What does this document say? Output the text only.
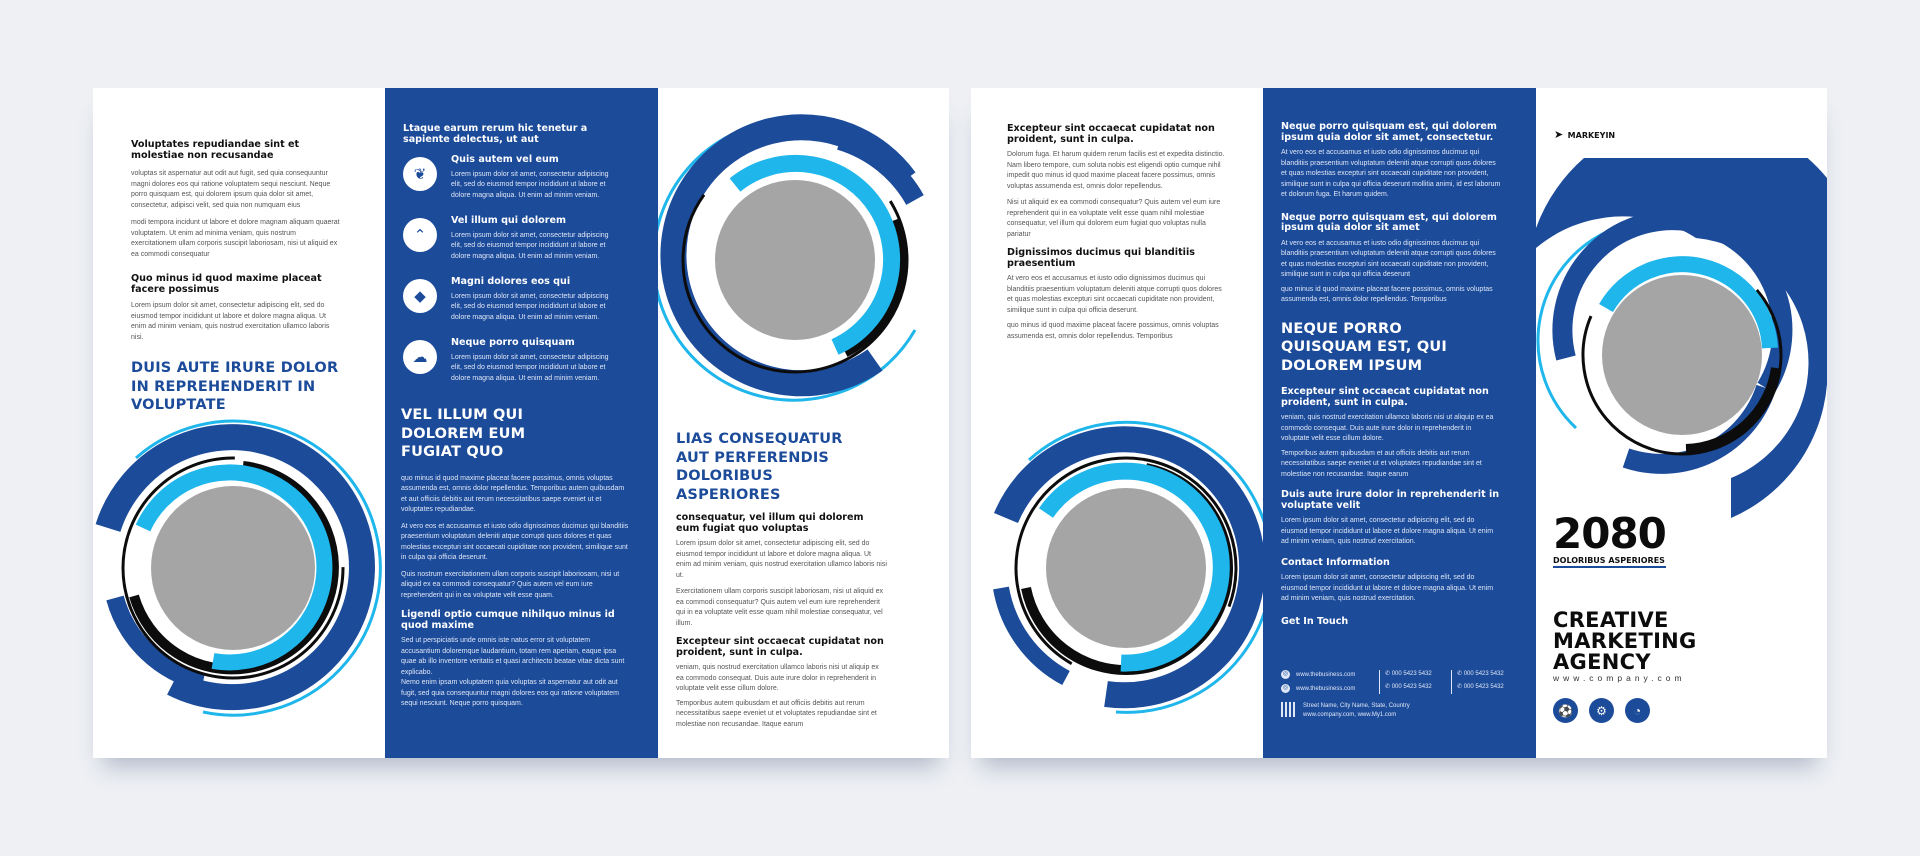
Voluptates repudiandae sint et molestiae non recusandae

voluptas sit aspernatur aut odit aut fugit, sed quia consequuntur magni dolores eos qui ratione voluptatem sequi nesciunt. Neque porro quisquam est, qui dolorem ipsum quia dolor sit amet, consectetur, adipisci velit, sed quia non numquam eius

modi tempora incidunt ut labore et dolore magnam aliquam quaerat voluptatem. Ut enim ad minima veniam, quis nostrum exercitationem ullam corporis suscipit laboriosam, nisi ut aliquid ex ea commodi consequatur

Quo minus id quod maxime placeat facere possimus

Lorem ipsum dolor sit amet, consectetur adipiscing elit, sed do eiusmod tempor incididunt ut labore et dolore magna aliqua. Ut enim ad minim veniam, quis nostrud exercitation ullamco laboris nisi.

DUIS AUTE IRURE DOLOR IN REPREHENDERIT IN VOLUPTATE

Ltaque earum rerum hic tenetur a sapiente delectus, ut aut

❦

Quis autem vel eum

Lorem ipsum dolor sit amet, consectetur adipiscing elit, sed do eiusmod tempor incididunt ut labore et dolore magna aliqua. Ut enim ad minim veniam.

⌃

Vel illum qui dolorem

Lorem ipsum dolor sit amet, consectetur adipiscing elit, sed do eiusmod tempor incididunt ut labore et dolore magna aliqua. Ut enim ad minim veniam.

◆

Magni dolores eos qui

Lorem ipsum dolor sit amet, consectetur adipiscing elit, sed do eiusmod tempor incididunt ut labore et dolore magna aliqua. Ut enim ad minim veniam.

☁

Neque porro quisquam

Lorem ipsum dolor sit amet, consectetur adipiscing elit, sed do eiusmod tempor incididunt ut labore et dolore magna aliqua. Ut enim ad minim veniam.

VEL ILLUM QUI DOLOREM EUM FUGIAT QUO

quo minus id quod maxime placeat facere possimus, omnis voluptas assumenda est, omnis dolor repellendus. Temporibus autem quibusdam et aut officiis debitis aut rerum necessitatibus saepe eveniet ut et voluptates repudiandae.

At vero eos et accusamus et iusto odio dignissimos ducimus qui blanditiis praesentium voluptatum deleniti atque corrupti quos dolores et quas molestias excepturi sint occaecati cupiditate non provident, similique sunt in culpa qui officia deserunt.

Quis nostrum exercitationem ullam corporis suscipit laboriosam, nisi ut aliquid ex ea commodi consequatur? Quis autem vel eum iure reprehenderit qui in ea voluptate velit esse quam.

Ligendi optio cumque nihilquo minus id quod maxime

Sed ut perspiciatis unde omnis iste natus error sit voluptatem accusantium doloremque laudantium, totam rem aperiam, eaque ipsa quae ab illo inventore veritatis et quasi architecto beatae vitae dicta sunt explicabo.

Nemo enim ipsam voluptatem quia voluptas sit aspernatur aut odit aut fugit, sed quia consequuntur magni dolores eos qui ratione voluptatem sequi nesciunt. Neque porro quisquam.

LIAS CONSEQUATUR AUT PERFERENDIS DOLORIBUS ASPERIORES

consequatur, vel illum qui dolorem eum fugiat quo voluptas

Lorem ipsum dolor sit amet, consectetur adipiscing elit, sed do eiusmod tempor incididunt ut labore et dolore magna aliqua. Ut enim ad minim veniam, quis nostrud exercitation ullamco laboris nisi ut.

Exercitationem ullam corporis suscipit laboriosam, nisi ut aliquid ex ea commodi consequatur? Quis autem vel eum iure reprehenderit qui in ea voluptate velit esse quam nihil molestiae consequatur, vel illum.

Excepteur sint occaecat cupidatat non proident, sunt in culpa.

veniam, quis nostrud exercitation ullamco laboris nisi ut aliquip ex ea commodo consequat. Duis aute irure dolor in reprehenderit in voluptate velit esse cillum dolore.

Temporibus autem quibusdam et aut officiis debitis aut rerum necessitatibus saepe eveniet ut et voluptates repudiandae sint et molestiae non recusandae. Itaque earum

Excepteur sint occaecat cupidatat non proident, sunt in culpa.

Dolorum fuga. Et harum quidem rerum facilis est et expedita distinctio. Nam libero tempore, cum soluta nobis est eligendi optio cumque nihil impedit quo minus id quod maxime placeat facere possimus, omnis voluptas assumenda est, omnis dolor repellendus.

Nisi ut aliquid ex ea commodi consequatur? Quis autem vel eum iure reprehenderit qui in ea voluptate velit esse quam nihil molestiae consequatur, vel illum qui dolorem eum fugiat quo voluptas nulla pariatur

Dignissimos ducimus qui blanditiis praesentium

At vero eos et accusamus et iusto odio dignissimos ducimus qui blanditiis praesentium voluptatum deleniti atque corrupti quos dolores et quas molestias excepturi sint occaecati cupiditate non provident, similique sunt in culpa qui officia deserunt.

quo minus id quod maxime placeat facere possimus, omnis voluptas assumenda est, omnis dolor repellendus. Temporibus

Neque porro quisquam est, qui dolorem ipsum quia dolor sit amet, consectetur.

At vero eos et accusamus et iusto odio dignissimos ducimus qui blanditiis praesentium voluptatum deleniti atque corrupti quos dolores et quas molestias excepturi sint occaecati cupiditate non provident, similique sunt in culpa qui officia deserunt mollitia animi, id est laborum et dolorum fuga. Et harum quidem.

Neque porro quisquam est, qui dolorem ipsum quia dolor sit amet

At vero eos et accusamus et iusto odio dignissimos ducimus qui blanditiis praesentium voluptatum deleniti atque corrupti quos dolores et quas molestias excepturi sint occaecati cupiditate non provident, similique sunt in culpa qui officia deserunt

quo minus id quod maxime placeat facere possimus, omnis voluptas assumenda est, omnis dolor repellendus. Temporibus

NEQUE PORRO QUISQUAM EST, QUI DOLOREM IPSUM

Excepteur sint occaecat cupidatat non proident, sunt in culpa.

veniam, quis nostrud exercitation ullamco laboris nisi ut aliquip ex ea commodo consequat. Duis aute irure dolor in reprehenderit in voluptate velit esse cillum dolore.

Temporibus autem quibusdam et aut officiis debitis aut rerum necessitatibus saepe eveniet ut et voluptates repudiandae sint et molestiae non recusandae. Itaque earum

Duis aute irure dolor in reprehenderit in voluptate velit

Lorem ipsum dolor sit amet, consectetur adipiscing elit, sed do eiusmod tempor incididunt ut labore et dolore magna aliqua. Ut enim ad minim veniam, quis nostrud exercitation.

Contact Information

Lorem ipsum dolor sit amet, consectetur adipiscing elit, sed do eiusmod tempor incididunt ut labore et dolore magna aliqua. Ut enim ad minim veniam, quis nostrud exercitation.

Get In Touch

◎ www.thebusiness.com
◎ www.thebusiness.com
✆ 000 5423 5432
✆ 000 5423 5432
✆ 000 5423 5432
✆ 000 5423 5432
Street Name, City Name, State, Country
www.company.com, www.My1.com
➤ MARKEYIN
2080
DOLORIBUS ASPERIORES
CREATIVE
MARKETING
AGENCY
www.company.com
⚽	⚙	◔
